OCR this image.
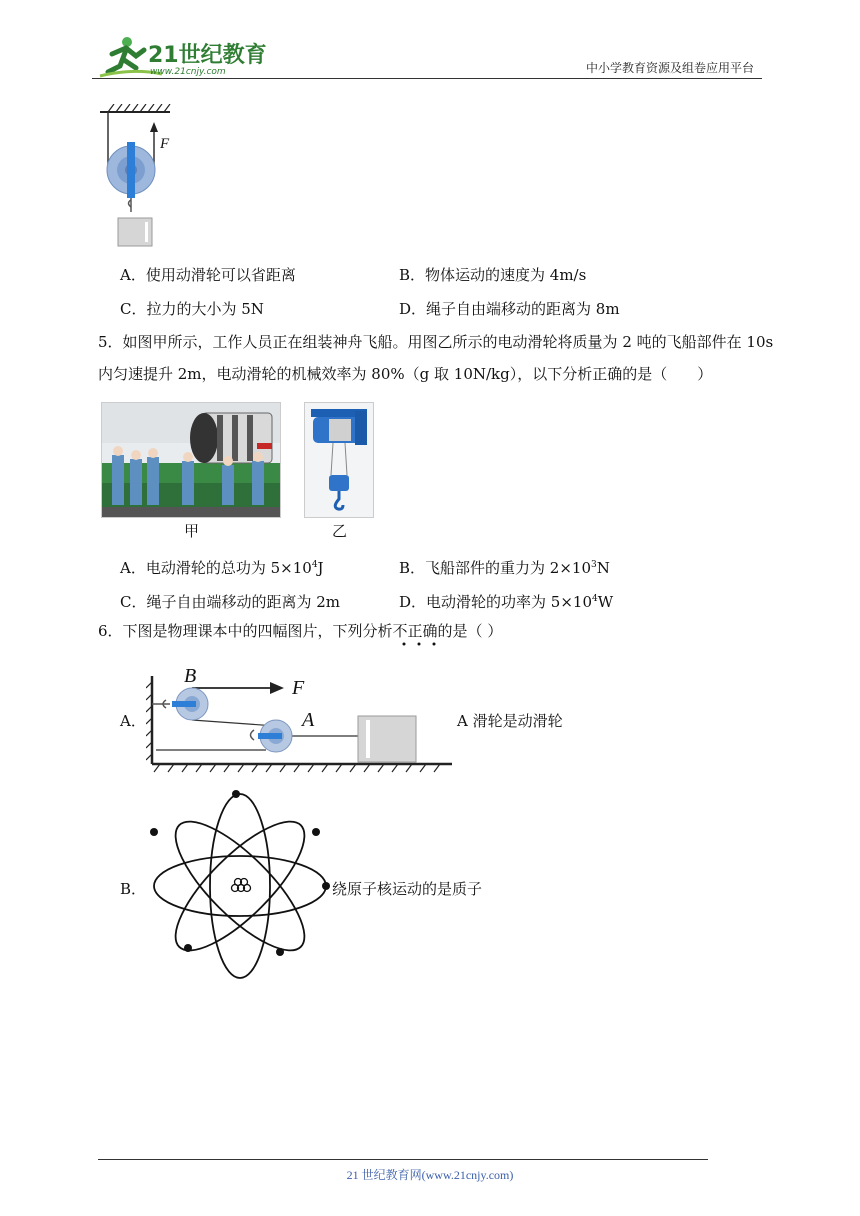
21世纪教育
www.21cnjy.com	中小学教育资源及组卷应用平台
F
A．使用动滑轮可以省距离	B．物体运动的速度为 4m/s
C．拉力的大小为 5N	D．绳子自由端移动的距离为 8m
5．如图甲所示，工作人员正在组装神舟飞船。用图乙所示的电动滑轮将质量为 2 吨的飞船部件在 10s
内匀速提升 2m，电动滑轮的机械效率为 80%（g 取 10N/kg），以下分析正确的是（　　）
甲	乙
A．电动滑轮的总功为 $5\times 10^4J$	B．飞船部件的重力为 $2\times 10^3N$
C．绳子自由端移动的距离为 2m	D．电动滑轮的功率为 $5\times 10^4W$
6．下图是物理课本中的四幅图片，下列分析不正确的是（ ）
A．
B
F
A	A 滑轮是动滑轮
B．	绕原子核运动的是质子
21 世纪教育网(www.21cnjy.com)
